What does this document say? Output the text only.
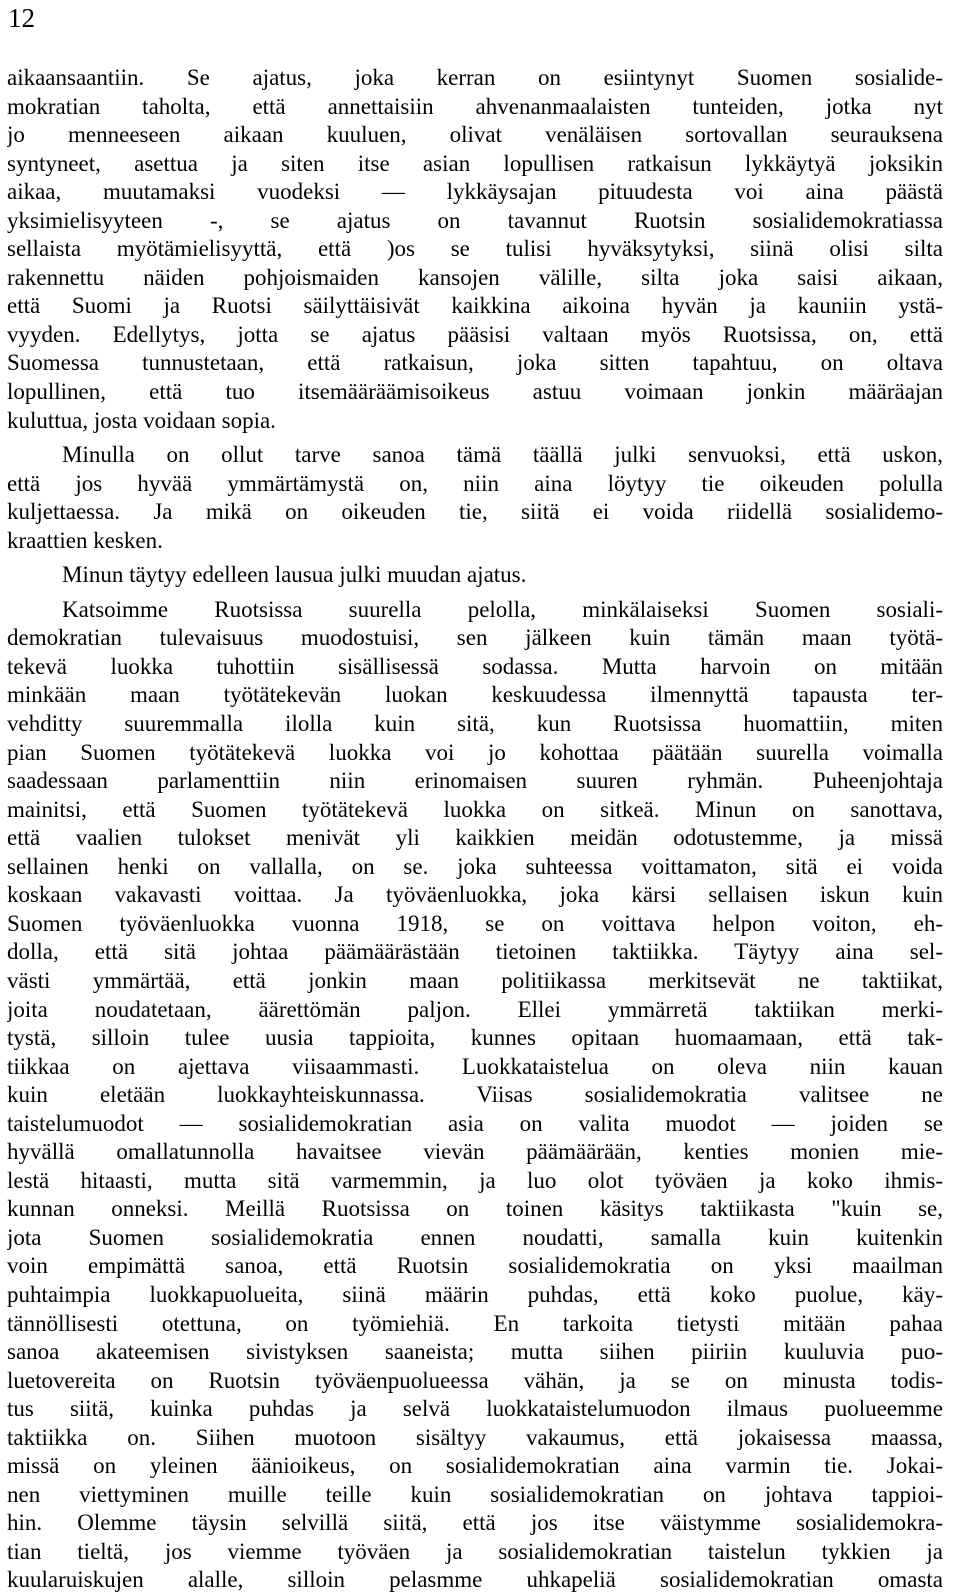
12
aikaansaantiin. Se ajatus, joka kerran on esiintynyt Suomen sosialide-
mokratian taholta, että annettaisiin ahvenanmaalaisten tunteiden, jotka nyt
jo menneeseen aikaan kuuluen, olivat venäläisen sortovallan seurauksena
syntyneet, asettua ja siten itse asian lopullisen ratkaisun lykkäytyä joksikin
aikaa, muutamaksi vuodeksi — lykkäysajan pituudesta voi aina päästä
yksimielisyyteen -, se ajatus on tavannut Ruotsin sosialidemokratiassa
sellaista myötämielisyyttä, että )os se tulisi hyväksytyksi, siinä olisi silta
rakennettu näiden pohjoismaiden kansojen välille, silta joka saisi aikaan,
että Suomi ja Ruotsi säilyttäisivät kaikkina aikoina hyvän ja kauniin ystä-
vyyden. Edellytys, jotta se ajatus pääsisi valtaan myös Ruotsissa, on, että
Suomessa tunnustetaan, että ratkaisun, joka sitten tapahtuu, on oltava
lopullinen, että tuo itsemääräämisoikeus astuu voimaan jonkin määräajan
kuluttua, josta voidaan sopia.
Minulla on ollut tarve sanoa tämä täällä julki senvuoksi, että uskon,
että jos hyvää ymmärtämystä on, niin aina löytyy tie oikeuden polulla
kuljettaessa. Ja mikä on oikeuden tie, siitä ei voida riidellä sosialidemo-
kraattien kesken.
Minun täytyy edelleen lausua julki muudan ajatus.
Katsoimme Ruotsissa suurella pelolla, minkälaiseksi Suomen sosiali-
demokratian tulevaisuus muodostuisi, sen jälkeen kuin tämän maan työtä-
tekevä luokka tuhottiin sisällisessä sodassa. Mutta harvoin on mitään
minkään maan työtätekevän luokan keskuudessa ilmennyttä tapausta ter-
vehditty suuremmalla ilolla kuin sitä, kun Ruotsissa huomattiin, miten
pian Suomen työtätekevä luokka voi jo kohottaa päätään suurella voimalla
saadessaan parlamenttiin niin erinomaisen suuren ryhmän. Puheenjohtaja
mainitsi, että Suomen työtätekevä luokka on sitkeä. Minun on sanottava,
että vaalien tulokset menivät yli kaikkien meidän odotustemme, ja missä
sellainen henki on vallalla, on se. joka suhteessa voittamaton, sitä ei voida
koskaan vakavasti voittaa. Ja työväenluokka, joka kärsi sellaisen iskun kuin
Suomen työväenluokka vuonna 1918, se on voittava helpon voiton, eh-
dolla, että sitä johtaa päämäärästään tietoinen taktiikka. Täytyy aina sel-
västi ymmärtää, että jonkin maan politiikassa merkitsevät ne taktiikat,
joita noudatetaan, äärettömän paljon. Ellei ymmärretä taktiikan merki-
tystä, silloin tulee uusia tappioita, kunnes opitaan huomaamaan, että tak-
tiikkaa on ajettava viisaammasti. Luokkataistelua on oleva niin kauan
kuin eletään luokkayhteiskunnassa. Viisas sosialidemokratia valitsee ne
taistelumuodot — sosialidemokratian asia on valita muodot — joiden se
hyvällä omallatunnolla havaitsee vievän päämäärään, kenties monien mie-
lestä hitaasti, mutta sitä varmemmin, ja luo olot työväen ja koko ihmis-
kunnan onneksi. Meillä Ruotsissa on toinen käsitys taktiikasta "kuin se,
jota Suomen sosialidemokratia ennen noudatti, samalla kuin kuitenkin
voin empimättä sanoa, että Ruotsin sosialidemokratia on yksi maailman
puhtaimpia luokkapuolueita, siinä määrin puhdas, että koko puolue, käy-
tännöllisesti otettuna, on työmiehiä. En tarkoita tietysti mitään pahaa
sanoa akateemisen sivistyksen saaneista; mutta siihen piiriin kuuluvia puo-
luetovereita on Ruotsin työväenpuolueessa vähän, ja se on minusta todis-
tus siitä, kuinka puhdas ja selvä luokkataistelumuodon ilmaus puolueemme
taktiikka on. Siihen muotoon sisältyy vakaumus, että jokaisessa maassa,
missä on yleinen äänioikeus, on sosialidemokratian aina varmin tie. Jokai-
nen viettyminen muille teille kuin sosialidemokratian on johtava tappioi-
hin. Olemme täysin selvillä siitä, että jos itse väistymme sosialidemokra-
tian tieltä, jos viemme työväen ja sosialidemokratian taistelun tykkien ja
kuularuiskujen alalle, silloin pelasmme uhkapeliä sosialidemokratian omasta
